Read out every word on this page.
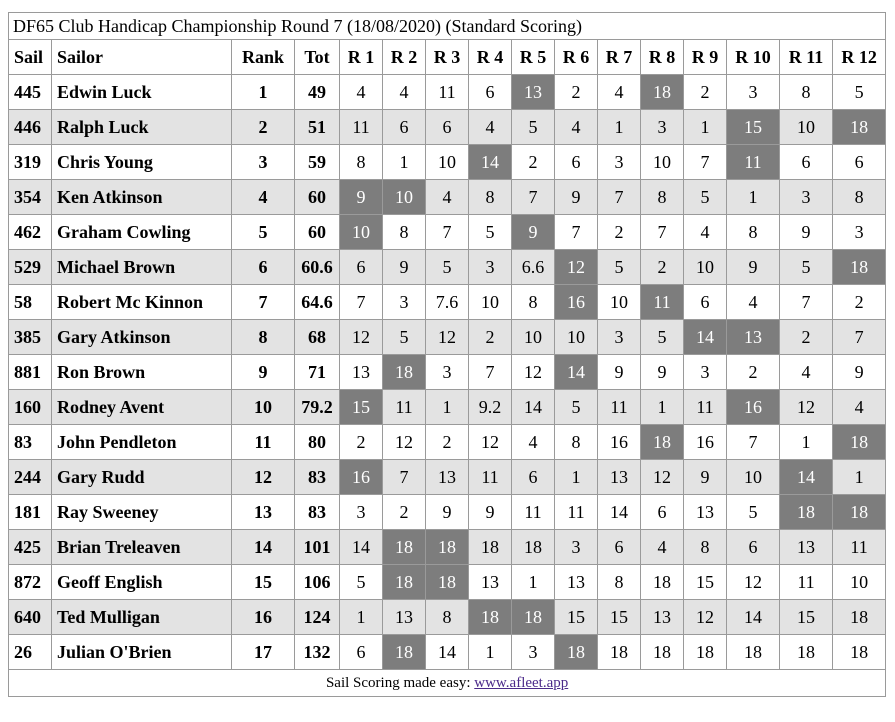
DF65 Club Handicap Championship Round 7 (18/08/2020) (Standard Scoring)															
Sail	Sailor	Rank	Tot	R 1	R 2	R 3	R 4	R 5	R 6	R 7	R 8	R 9	R 10	R 11	R 12
445	Edwin Luck	1	49	4	4	11	6	13	2	4	18	2	3	8	5
446	Ralph Luck	2	51	11	6	6	4	5	4	1	3	1	15	10	18
319	Chris Young	3	59	8	1	10	14	2	6	3	10	7	11	6	6
354	Ken Atkinson	4	60	9	10	4	8	7	9	7	8	5	1	3	8
462	Graham Cowling	5	60	10	8	7	5	9	7	2	7	4	8	9	3
529	Michael Brown	6	60.6	6	9	5	3	6.6	12	5	2	10	9	5	18
58	Robert Mc Kinnon	7	64.6	7	3	7.6	10	8	16	10	11	6	4	7	2
385	Gary Atkinson	8	68	12	5	12	2	10	10	3	5	14	13	2	7
881	Ron Brown	9	71	13	18	3	7	12	14	9	9	3	2	4	9
160	Rodney Avent	10	79.2	15	11	1	9.2	14	5	11	1	11	16	12	4
83	John Pendleton	11	80	2	12	2	12	4	8	16	18	16	7	1	18
244	Gary Rudd	12	83	16	7	13	11	6	1	13	12	9	10	14	1
181	Ray Sweeney	13	83	3	2	9	9	11	11	14	6	13	5	18	18
425	Brian Treleaven	14	101	14	18	18	18	18	3	6	4	8	6	13	11
872	Geoff English	15	106	5	18	18	13	1	13	8	18	15	12	11	10
640	Ted Mulligan	16	124	1	13	8	18	18	15	15	13	12	14	15	18
26	Julian O'Brien	17	132	6	18	14	1	3	18	18	18	18	18	18	18
Sail Scoring made easy: www.afleet.app															
